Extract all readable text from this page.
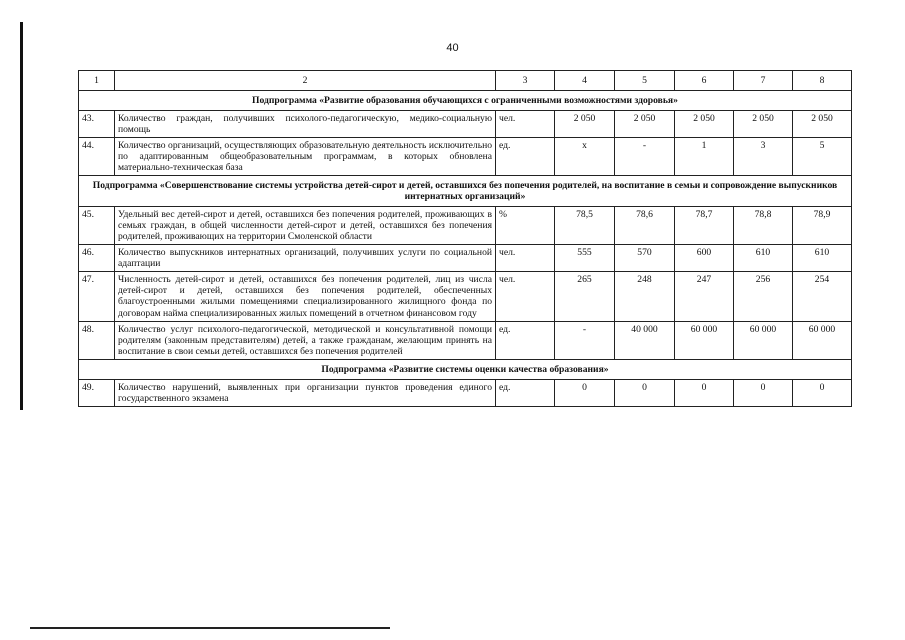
40
1	2	3	4	5	6	7	8
Подпрограмма «Развитие образования обучающихся с ограниченными возможностями здоровья»							
43.	Количество граждан, получивших психолого-педагогическую, медико-социальную помощь	чел.	2 050	2 050	2 050	2 050	2 050
44.	Количество организаций, осуществляющих образовательную деятельность исключительно по адаптированным общеобразовательным программам, в которых обновлена материально-техническая база	ед.	х	-	1	3	5
Подпрограмма «Совершенствование системы устройства детей-сирот и детей, оставшихся без попечения родителей, на воспитание в семьи и сопровождение выпускников интернатных организаций»							
45.	Удельный вес детей-сирот и детей, оставшихся без попечения родителей, проживающих в семьях граждан, в общей численности детей-сирот и детей, оставшихся без попечения родителей, проживающих на территории Смоленской области	%	78,5	78,6	78,7	78,8	78,9
46.	Количество выпускников интернатных организаций, получивших услуги по социальной адаптации	чел.	555	570	600	610	610
47.	Численность детей-сирот и детей, оставшихся без попечения родителей, лиц из числа детей-сирот и детей, оставшихся без попечения родителей, обеспеченных благоустроенными жилыми помещениями специализированного жилищного фонда по договорам найма специализированных жилых помещений в отчетном финансовом году	чел.	265	248	247	256	254
48.	Количество услуг психолого-педагогической, методической и консультативной помощи родителям (законным представителям) детей, а также гражданам, желающим принять на воспитание в свои семьи детей, оставшихся без попечения родителей	ед.	-	40 000	60 000	60 000	60 000
Подпрограмма «Развитие системы оценки качества образования»							
49.	Количество нарушений, выявленных при организации пунктов проведения единого государственного экзамена	ед.	0	0	0	0	0
